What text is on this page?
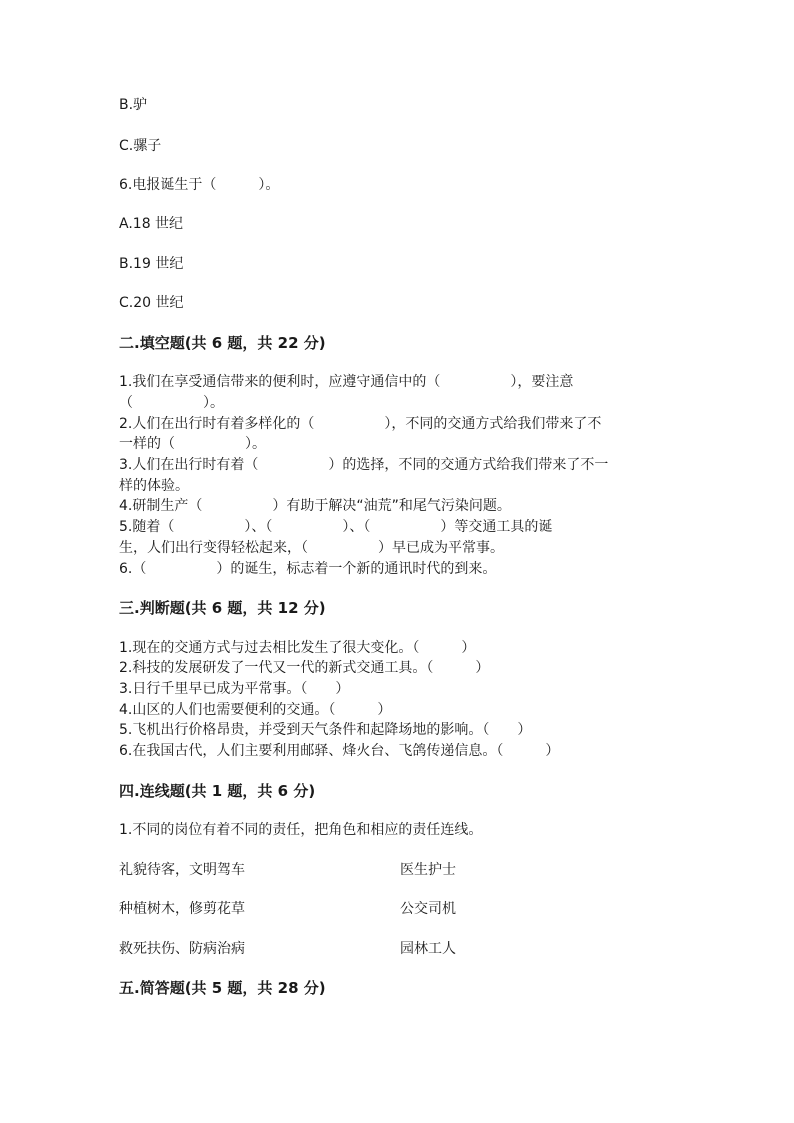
B.驴
C.骡子
6.电报诞生于（　　　）。
A.18 世纪
B.19 世纪
C.20 世纪
二.填空题(共 6 题，共 22 分)
1.我们在享受通信带来的便利时，应遵守通信中的（　　　　　），要注意
（　　　　　）。
2.人们在出行时有着多样化的（　　　　　），不同的交通方式给我们带来了不
一样的（　　　　　）。
3.人们在出行时有着（　　　　　）的选择，不同的交通方式给我们带来了不一
样的体验。
4.研制生产（　　　　　）有助于解决“油荒”和尾气污染问题。
5.随着（　　　　　）、（　　　　　）、（　　　　　）等交通工具的诞
生，人们出行变得轻松起来，（　　　　　）早已成为平常事。
6.（　　　　　）的诞生，标志着一个新的通讯时代的到来。
三.判断题(共 6 题，共 12 分)
1.现在的交通方式与过去相比发生了很大变化。（　　　）
2.科技的发展研发了一代又一代的新式交通工具。（　　　）
3.日行千里早已成为平常事。（　　）
4.山区的人们也需要便利的交通。（　　　）
5.飞机出行价格昂贵，并受到天气条件和起降场地的影响。（　　）
6.在我国古代，人们主要利用邮驿、烽火台、飞鸽传递信息。（　　　）
四.连线题(共 1 题，共 6 分)
1.不同的岗位有着不同的责任，把角色和相应的责任连线。
礼貌待客，文明驾车	医生护士
种植树木，修剪花草	公交司机
救死扶伤、防病治病	园林工人
五.简答题(共 5 题，共 28 分)
